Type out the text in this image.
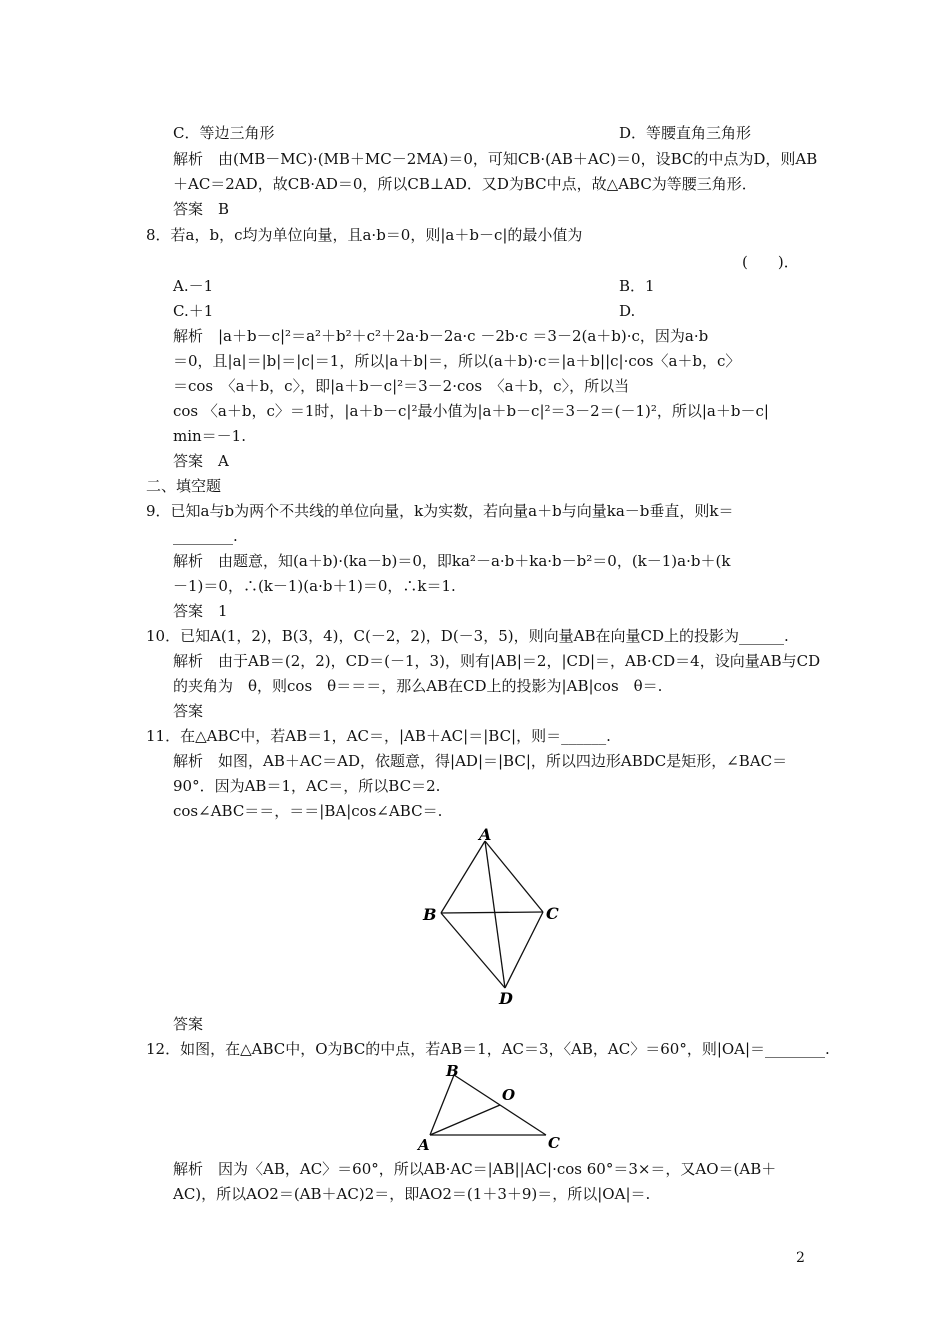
C．等边三角形	D．等腰直角三角形
解析　由(MB－MC)·(MB＋MC－2MA)＝0，可知CB·(AB＋AC)＝0，设BC的中点为D，则AB
＋AC＝2AD，故CB·AD＝0，所以CB⊥AD．又D为BC中点，故△ABC为等腰三角形．
答案　B
8．若a，b，c均为单位向量，且a·b＝0，则|a＋b－c|的最小值为
(　　)．
A.－1	B．1
C.＋1	D.
解析　|a＋b－c|²＝a²＋b²＋c²＋2a·b－2a·c －2b·c ＝3－2(a＋b)·c，因为a·b
＝0，且|a|＝|b|＝|c|＝1，所以|a＋b|＝，所以(a＋b)·c＝|a＋b||c|·cos〈a＋b，c〉
＝cos　〈a＋b，c〉，即|a＋b－c|²＝3－2·cos　〈a＋b，c〉，所以当
cos 〈a＋b，c〉＝1时，|a＋b－c|²最小值为|a＋b－c|²＝3－2＝(－1)²，所以|a＋b－c|
min＝－1.
答案　A
二、填空题
9．已知a与b为两个不共线的单位向量，k为实数，若向量a＋b与向量ka－b垂直，则k＝
________.
解析　由题意，知(a＋b)·(ka－b)＝0，即ka²－a·b＋ka·b－b²＝0，(k－1)a·b＋(k
－1)＝0，∴(k－1)(a·b＋1)＝0，∴k＝1.
答案　1
10．已知A(1，2)，B(3，4)，C(－2，2)，D(－3，5)，则向量AB在向量CD上的投影为______.
解析　由于AB＝(2，2)，CD＝(－1，3)，则有|AB|＝2，|CD|＝，AB·CD＝4，设向量AB与CD
的夹角为　θ，则cos　θ＝＝＝，那么AB在CD上的投影为|AB|cos　θ＝.
答案
11．在△ABC中，若AB＝1，AC＝，|AB＋AC|＝|BC|，则＝______.
解析　如图，AB＋AC＝AD，依题意，得|AD|＝|BC|，所以四边形ABDC是矩形，∠BAC＝
90°．因为AB＝1，AC＝，所以BC＝2.
cos∠ABC＝＝，＝＝|BA|cos∠ABC＝.
A
B	C
D
答案
12．如图，在△ABC中，O为BC的中点，若AB＝1，AC＝3，〈AB，AC〉＝60°，则|OA|＝________.
B
O
A	C
解析　因为〈AB，AC〉＝60°，所以AB·AC＝|AB||AC|·cos 60°＝3×＝，又AO＝(AB＋
AC)，所以AO2＝(AB＋AC)2＝，即AO2＝(1＋3＋9)＝，所以|OA|＝.
2
